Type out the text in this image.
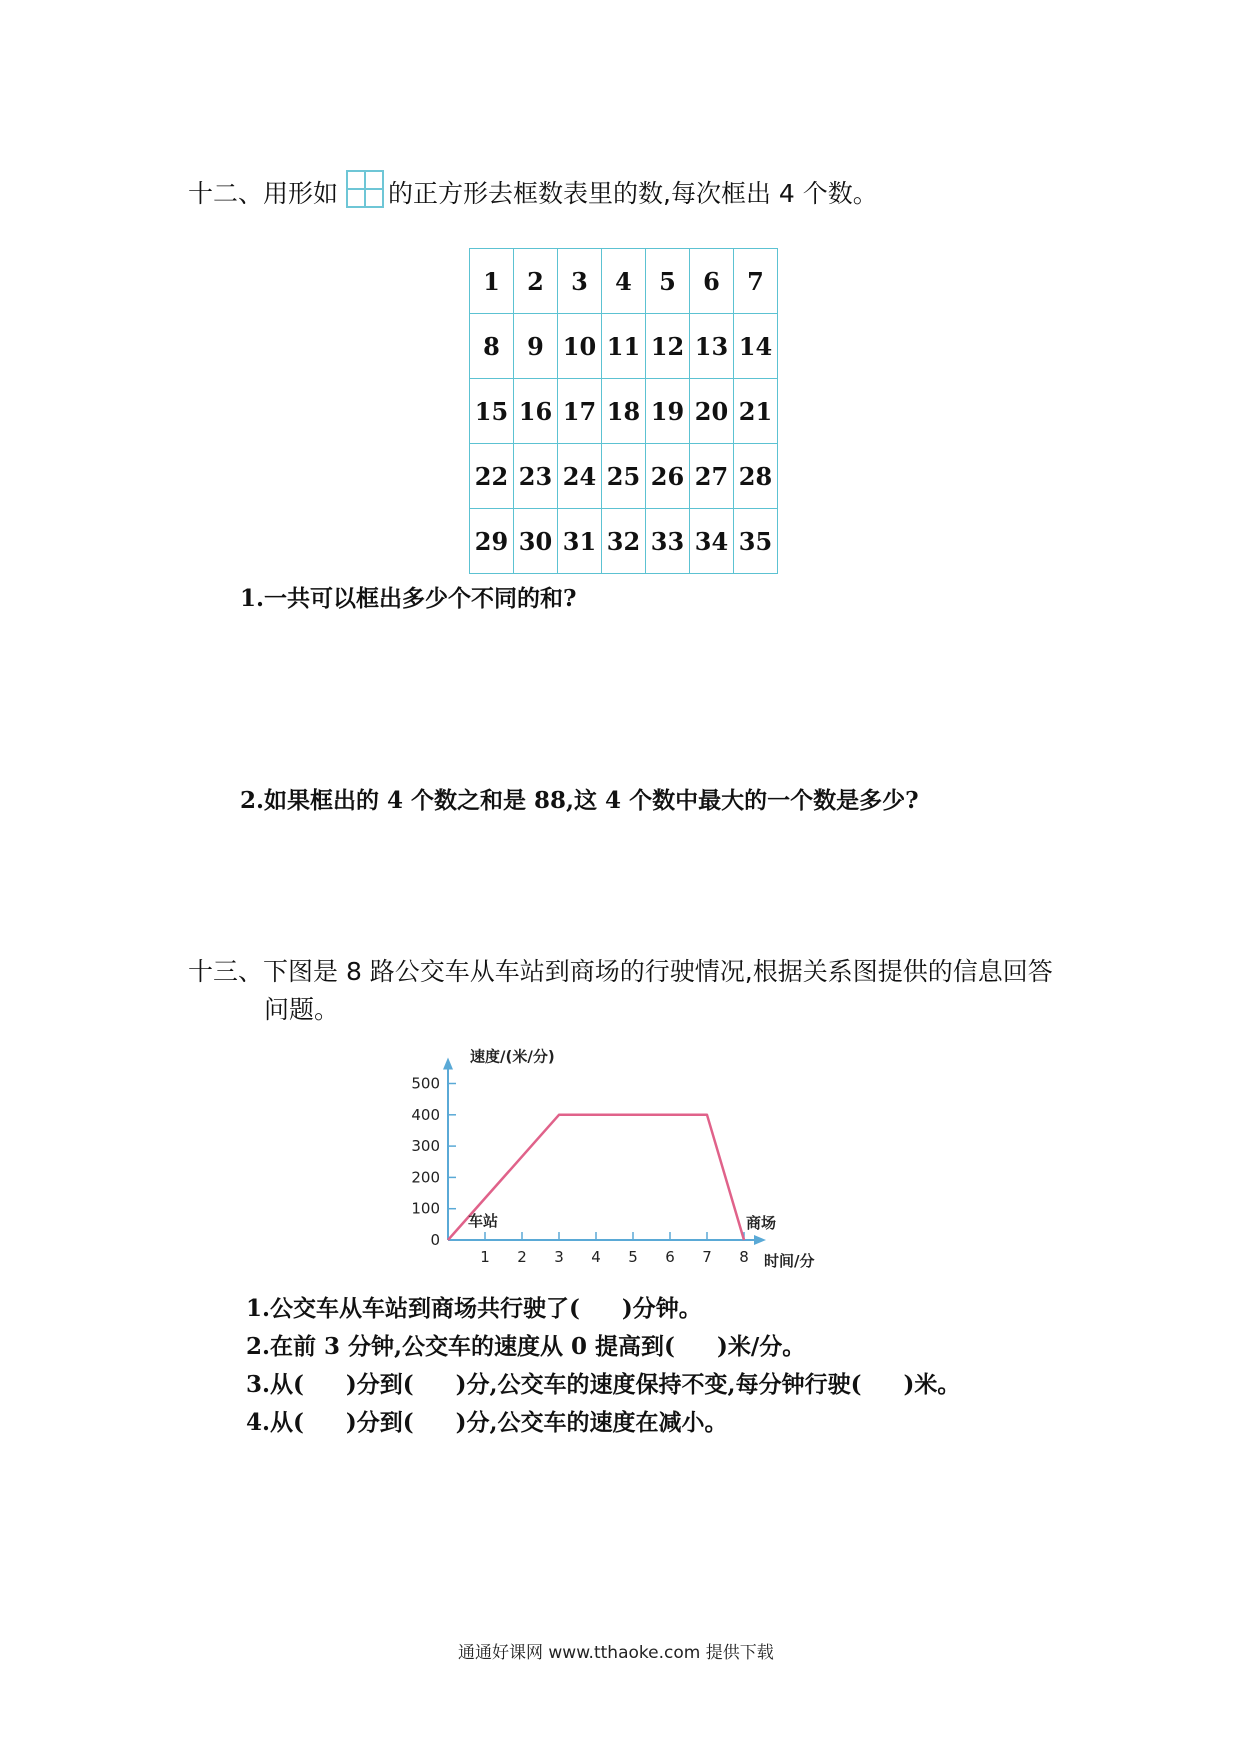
十二、用形如 的正方形去框数表里的数,每次框出 4 个数。
1	2	3	4	5	6	7
8	9	10	11	12	13	14
15	16	17	18	19	20	21
22	23	24	25	26	27	28
29	30	31	32	33	34	35
1.一共可以框出多少个不同的和?
2.如果框出的 4 个数之和是 88,这 4 个数中最大的一个数是多少?
十三、下图是 8 路公交车从车站到商场的行驶情况,根据关系图提供的信息回答
问题。
1 2 3 4 5 6 7 8
0
100
200
300
400
500
速度/(米/分)
时间/分
车站	商场
1.公交车从车站到商场共行驶了( )分钟。
2.在前 3 分钟,公交车的速度从 0 提高到( )米/分。
3.从( )分到( )分,公交车的速度保持不变,每分钟行驶( )米。
4.从( )分到( )分,公交车的速度在减小。
通通好课网 www.tthaoke.com 提供下载
